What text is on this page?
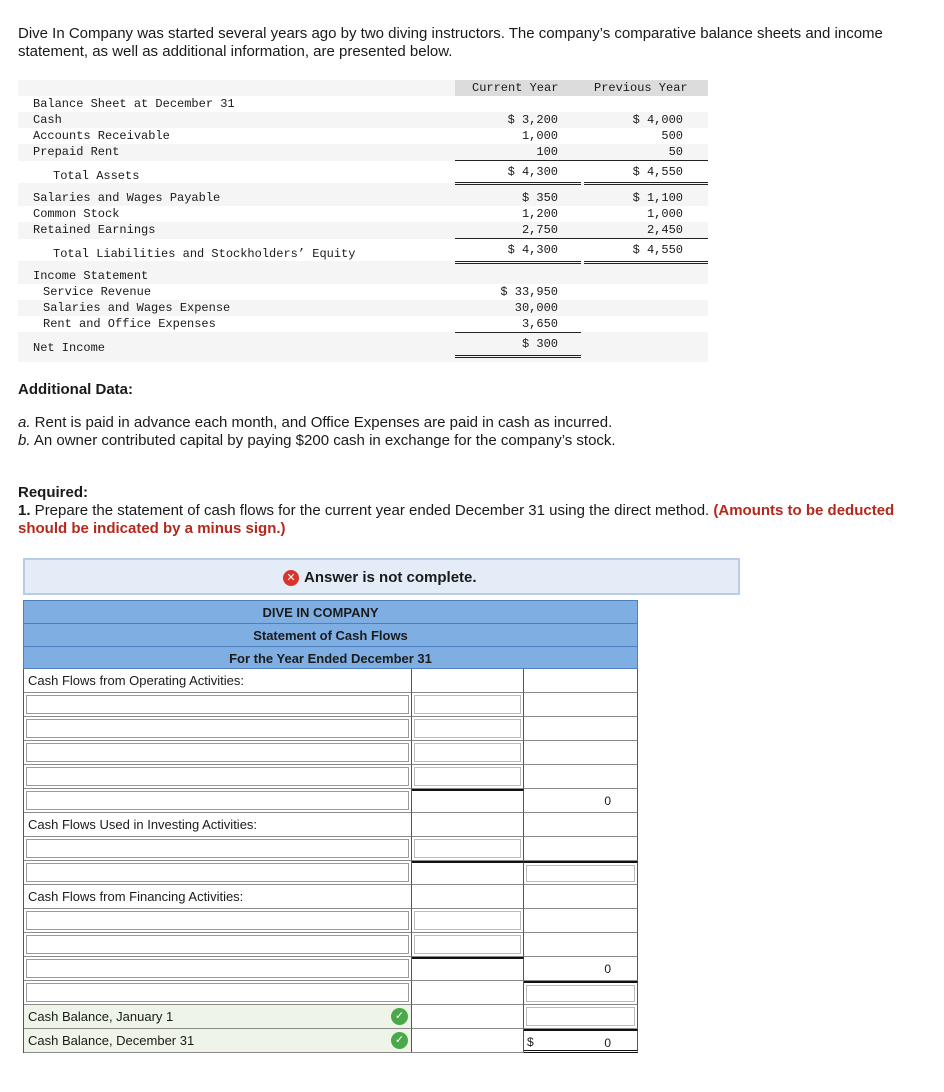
Dive In Company was started several years ago by two diving instructors. The company’s comparative balance sheets and income statement, as well as additional information, are presented below.
Current Year	Previous Year
Balance Sheet at December 31
Cash	$ 3,200	$ 4,000
Accounts Receivable	1,000	500
Prepaid Rent	100	50
Total Assets	$ 4,300	$ 4,550
Salaries and Wages Payable	$ 350	$ 1,100
Common Stock	1,200	1,000
Retained Earnings	2,750	2,450
Total Liabilities and Stockholders’ Equity	$ 4,300	$ 4,550
Income Statement
Service Revenue	$ 33,950
Salaries and Wages Expense	30,000
Rent and Office Expenses	3,650
Net Income	$ 300
Additional Data:
a. Rent is paid in advance each month, and Office Expenses are paid in cash as incurred.
b. An owner contributed capital by paying $200 cash in exchange for the company’s stock.
Required:
1. Prepare the statement of cash flows for the current year ended December 31 using the direct method. (Amounts to be deducted should be indicated by a minus sign.)
✕ Answer is not complete.
DIVE IN COMPANY
Statement of Cash Flows
For the Year Ended December 31
Cash Flows from Operating Activities:
0
Cash Flows Used in Investing Activities:
Cash Flows from Financing Activities:
0
Cash Balance, January 1	✓
Cash Balance, December 31	✓	$	0
